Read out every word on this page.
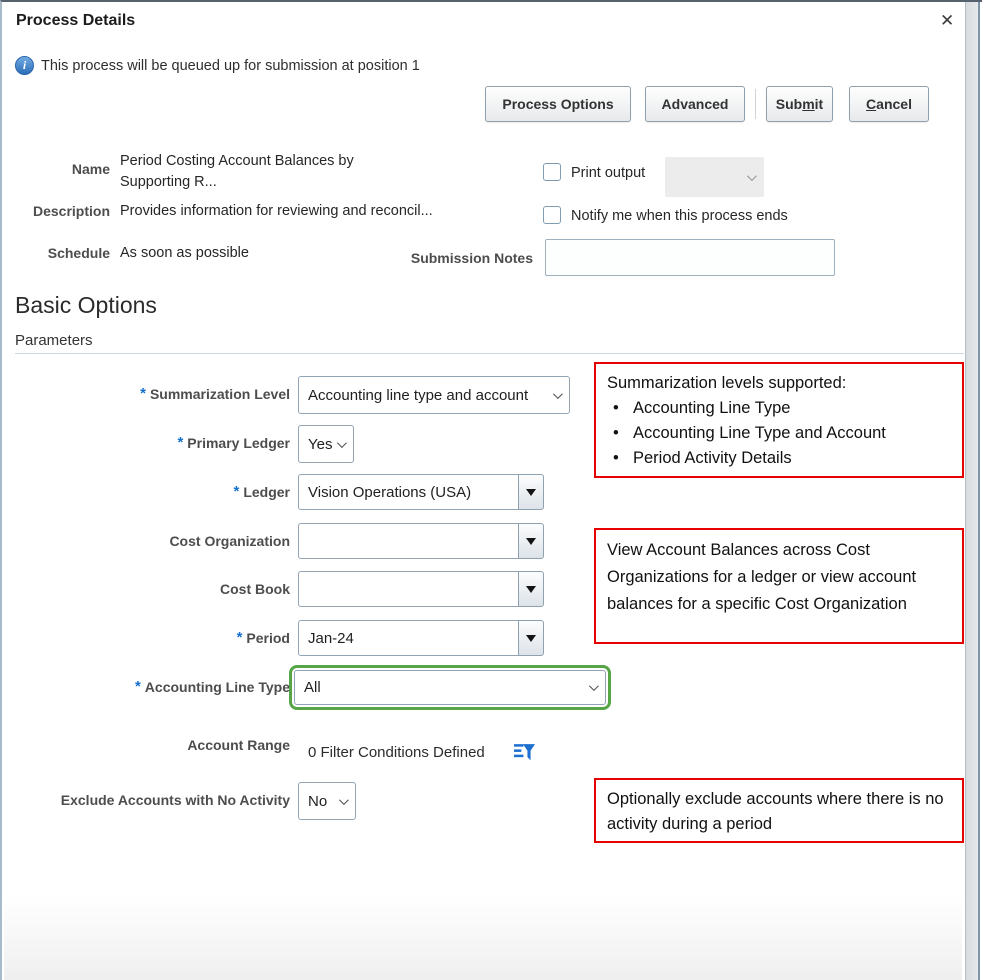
Process Details	✕
i	This process will be queued up for submission at position 1
Process Options	Advanced	Submit	Cancel
Name Period Costing Account Balances by
Supporting R...
Description Provides information for reviewing and reconcil...
Schedule As soon as possible
Print output
Notify me when this process ends
Submission Notes
Basic Options
Parameters
* Summarization Level Accounting line type and account
* Primary Ledger Yes
* Ledger	Vision Operations (USA)
Cost Organization
Cost Book
* Period	Jan-24
* Accounting Line Type All
Account Range 0 Filter Conditions Defined
Exclude Accounts with No Activity No
Summarization levels supported:
• Accounting Line Type
• Accounting Line Type and Account
• Period Activity Details
View Account Balances across Cost Organizations for a ledger or view account balances for a specific Cost Organization
Optionally exclude accounts where there is no activity during a period
